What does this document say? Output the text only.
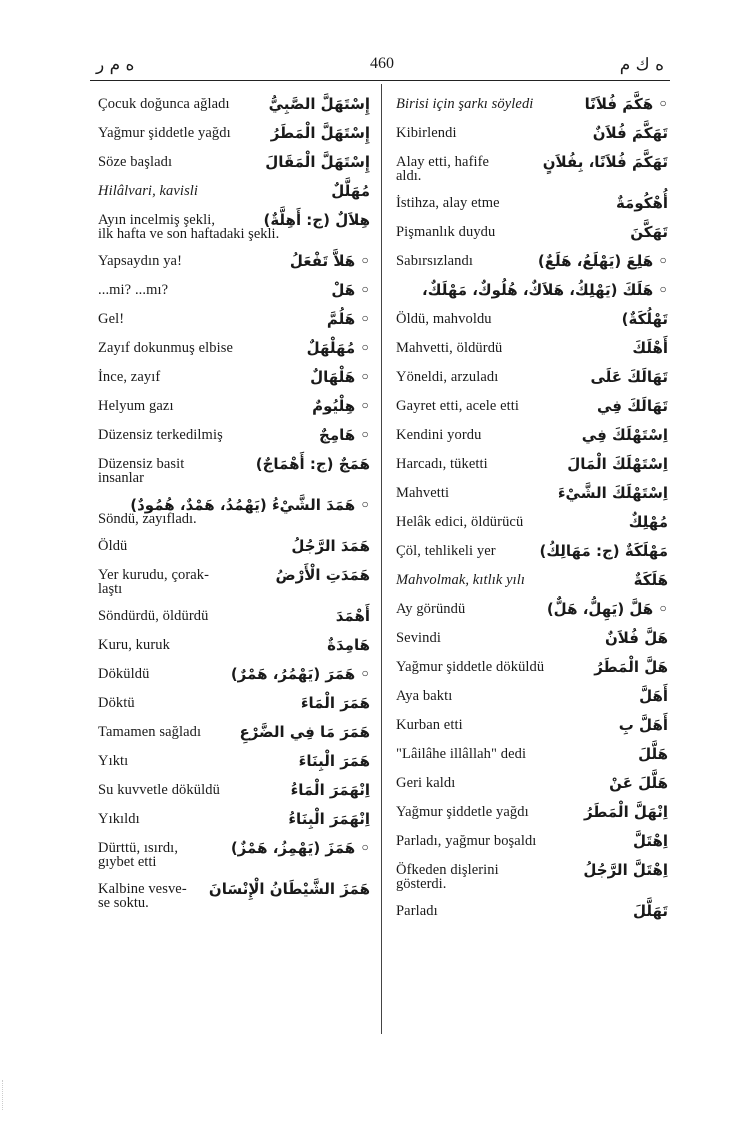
ه م ر	460	ه ك م
Çocuk doğunca ağladı	إِسْتَهَلَّ الصَّبِيُّ
Yağmur şiddetle yağdı	إِسْتَهَلَّ الْمَطَرُ
Söze başladı	إِسْتَهَلَّ الْمَقَالَ
Hilâlvari, kavisli	مُهَلَّلٌ
Ayın incelmiş şekli,	هِلاَلٌ (ج: أَهِلَّةٌ)
ilk hafta ve son haftadaki şekli.
Yapsaydın ya!	◦ هَلاَّ تَفْعَلُ
...mi? ...mı?	◦ هَلْ
Gel!	◦ هَلُمَّ
Zayıf dokunmuş elbise	◦ مُهَلْهَلٌ
İnce, zayıf	◦ هَلْهَالٌ
Helyum gazı	◦ هِلْيُومٌ
Düzensiz terkedilmiş	◦ هَامِجٌ
Düzensiz basit	هَمَجٌ (ج: أَهْمَاجٌ)
insanlar
◦ هَمَدَ الشَّيْءُ (يَهْمُدُ، هَمْدٌ، هُمُودٌ)
Söndü, zayıfladı.
Öldü	هَمَدَ الرَّجُلُ
Yer kurudu, çorak-	هَمَدَتِ الْأَرْضُ
laştı
Söndürdü, öldürdü	أَهْمَدَ
Kuru, kuruk	هَامِدَةٌ
Döküldü	◦ هَمَرَ (يَهْمُرُ، هَمْرٌ)
Döktü	هَمَرَ الْمَاءَ
Tamamen sağladı	هَمَرَ مَا فِي الضَّرْعِ
Yıktı	هَمَرَ الْبِنَاءَ
Su kuvvetle döküldü	اِنْهَمَرَ الْمَاءُ
Yıkıldı	اِنْهَمَرَ الْبِنَاءُ
Dürttü, ısırdı,	◦ هَمَزَ (يَهْمِزُ، هَمْزٌ)
gıybet etti
Kalbine vesve- هَمَزَ الشَّيْطَانُ الْإِنْسَانَ
se soktu.
Birisi için şarkı söyledi	◦ هَكَّمَ فُلاَنًا
Kibirlendi	تَهَكَّمَ فُلاَنٌ
Alay etti, hafife	تَهَكَّمَ فُلاَنًا، بِفُلاَنٍ
aldı.
İstihza, alay etme	أُهْكُومَةٌ
Pişmanlık duydu	تَهَكَّنَ
Sabırsızlandı	◦ هَلِعَ (يَهْلَعُ، هَلَعٌ)
◦ هَلَكَ (يَهْلِكُ، هَلاَكٌ، هُلُوكٌ، مَهْلَكٌ،
Öldü, mahvoldu	تَهْلُكَةٌ)
Mahvetti, öldürdü	أَهْلَكَ
Yöneldi, arzuladı	تَهَالَكَ عَلَى
Gayret etti, acele etti	تَهَالَكَ فِي
Kendini yordu	اِسْتَهْلَكَ فِي
Harcadı, tüketti	اِسْتَهْلَكَ الْمَالَ
Mahvetti	اِسْتَهْلَكَ الشَّيْءَ
Helâk edici, öldürücü	مُهْلِكٌ
Çöl, tehlikeli yer	مَهْلَكَةٌ (ج: مَهَالِكُ)
Mahvolmak, kıtlık yılı	هَلَكَةٌ
Ay göründü	◦ هَلَّ (يَهِلُّ، هَلٌّ)
Sevindi	هَلَّ فُلاَنٌ
Yağmur şiddetle döküldü	هَلَّ الْمَطَرُ
Aya baktı	أَهَلَّ
Kurban etti	أَهَلَّ بِ
"Lâilâhe illâllah" dedi	هَلَّلَ
Geri kaldı	هَلَّلَ عَنْ
Yağmur şiddetle yağdı	اِنْهَلَّ الْمَطَرُ
Parladı, yağmur boşaldı	اِهْتَلَّ
Öfkeden dişlerini	اِهْتَلَّ الرَّجُلُ
gösterdi.
Parladı	تَهَلَّلَ
